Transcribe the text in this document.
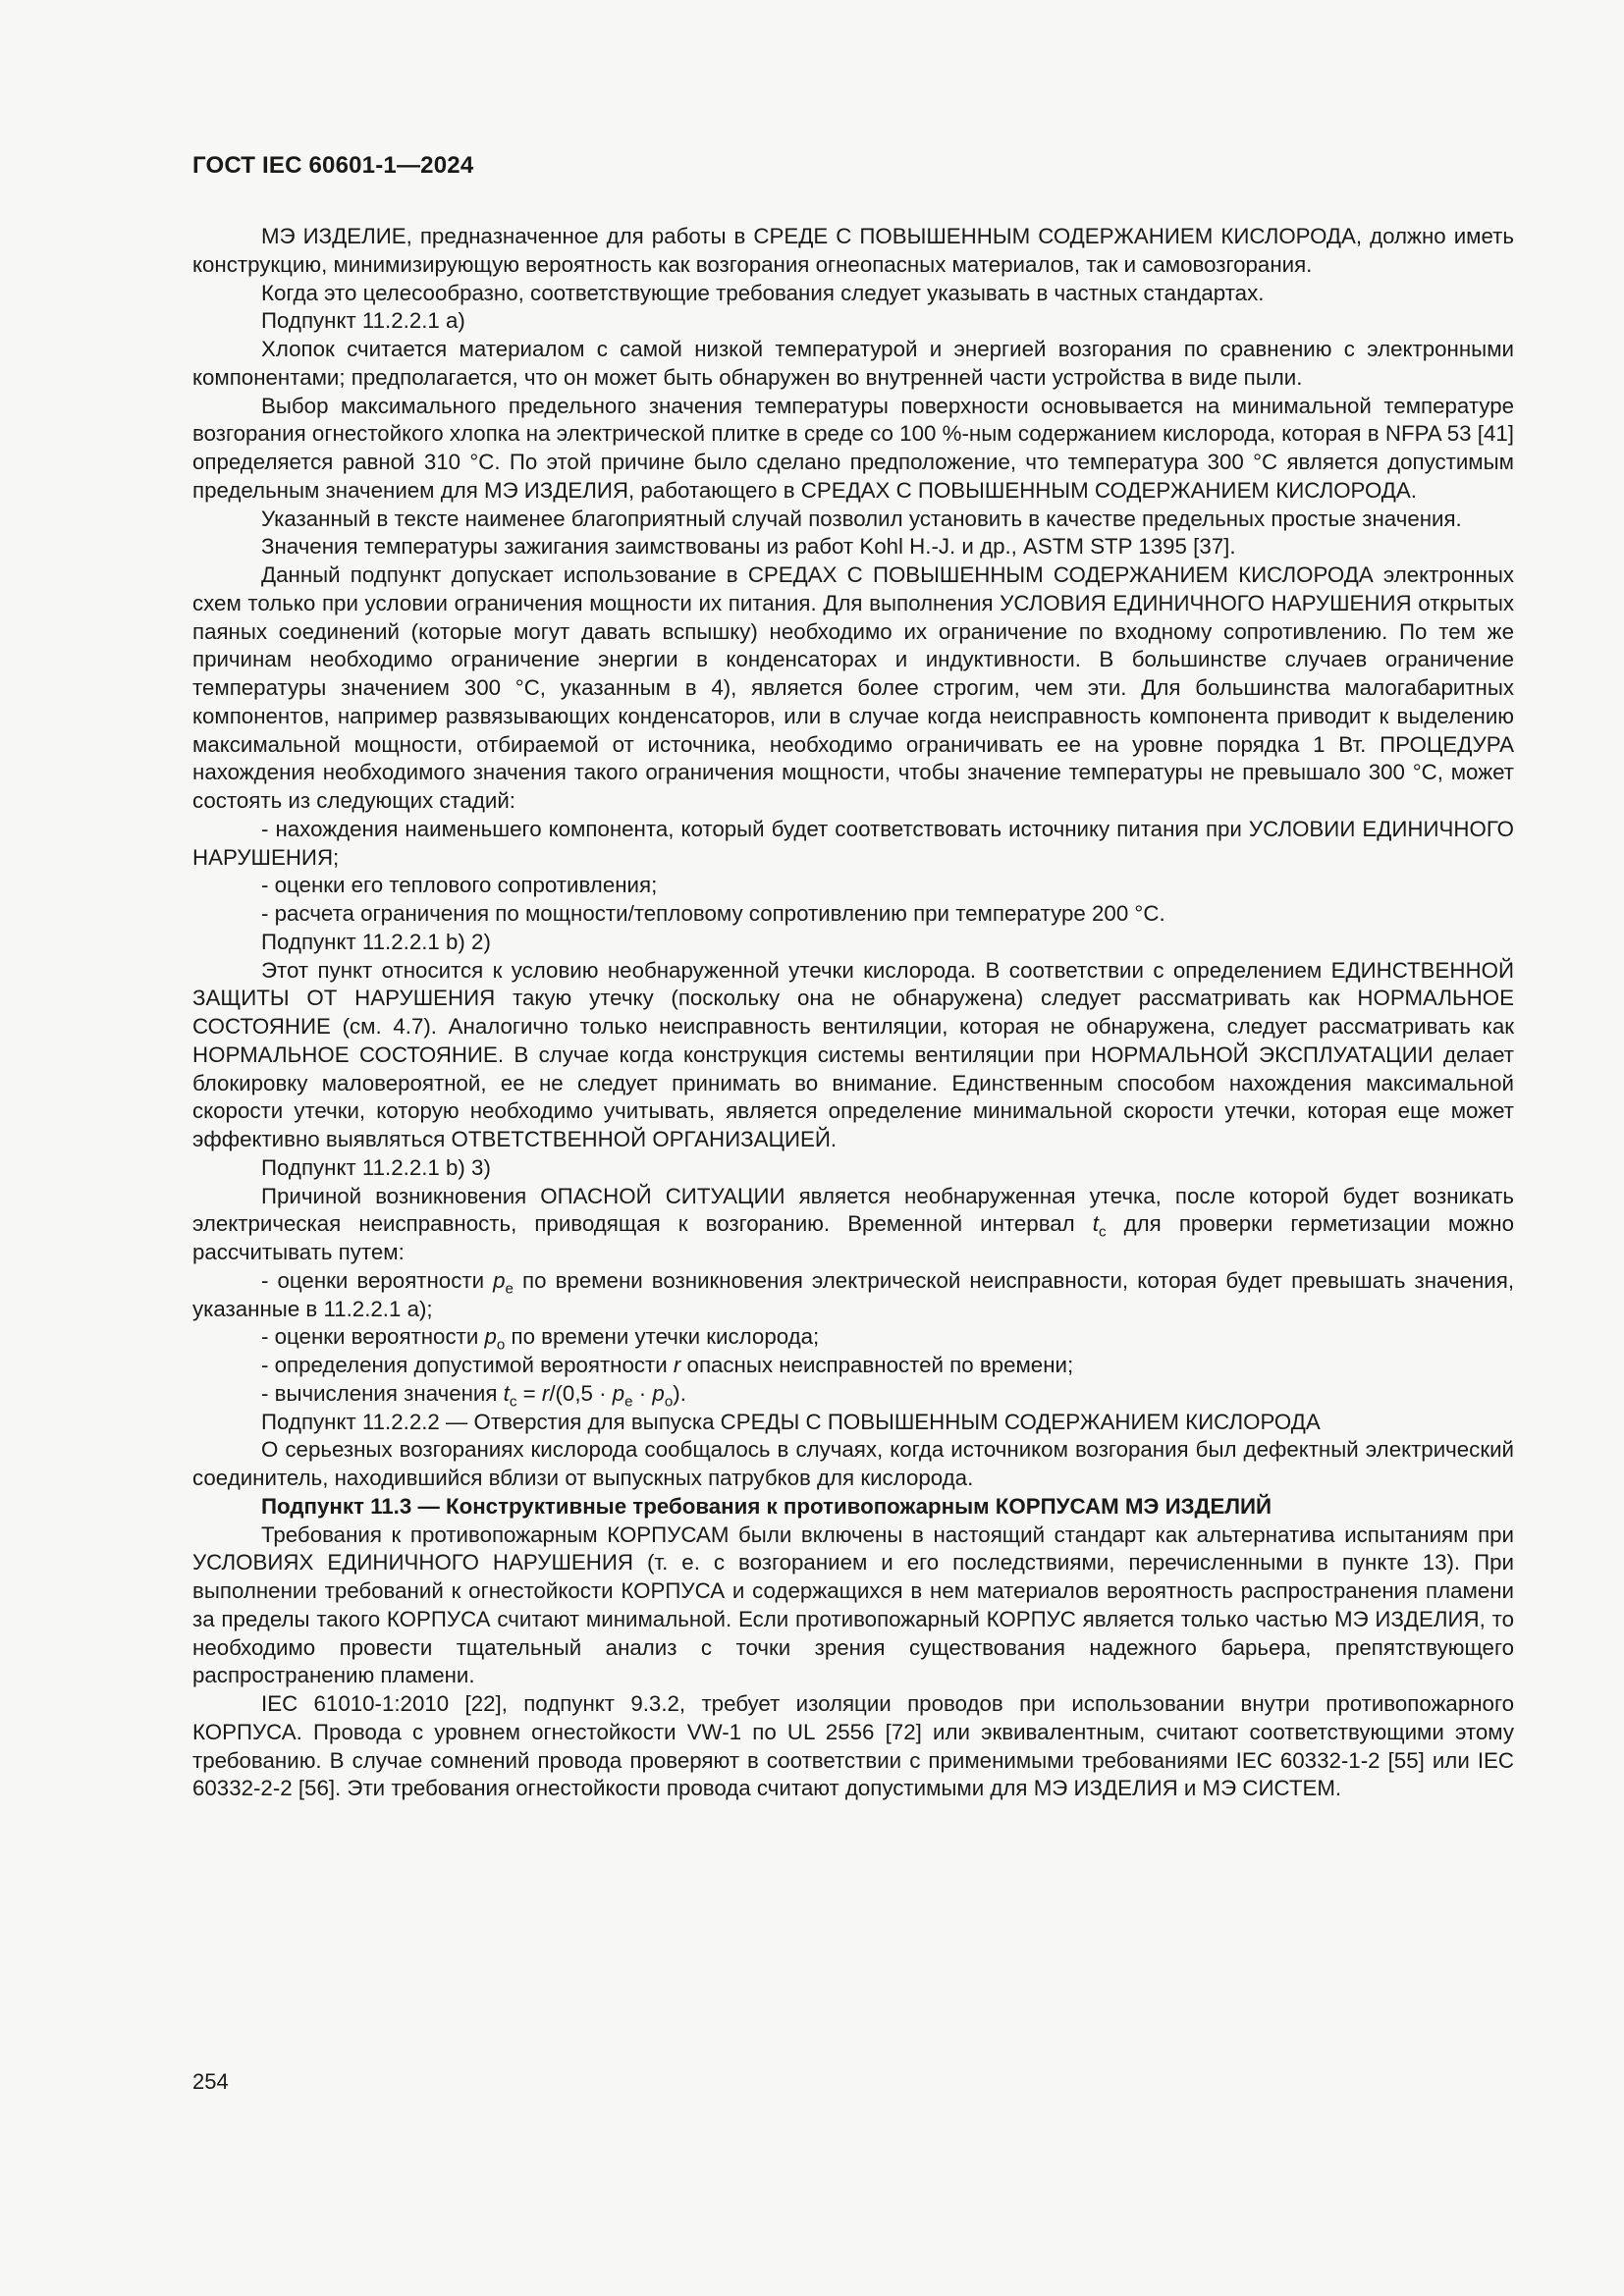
ГОСТ IEC 60601-1—2024

МЭ ИЗДЕЛИЕ, предназначенное для работы в СРЕДЕ С ПОВЫШЕННЫМ СОДЕРЖАНИЕМ КИСЛОРОДА, должно иметь конструкцию, минимизирующую вероятность как возгорания огнеопасных материалов, так и самовозгорания.

Когда это целесообразно, соответствующие требования следует указывать в частных стандартах.

Подпункт 11.2.2.1 а)

Хлопок считается материалом с самой низкой температурой и энергией возгорания по сравнению с электронными компонентами; предполагается, что он может быть обнаружен во внутренней части устройства в виде пыли.

Выбор максимального предельного значения температуры поверхности основывается на минимальной температуре возгорания огнестойкого хлопка на электрической плитке в среде со 100 %-ным содержанием кислорода, которая в NFPA 53 [41] определяется равной 310 °С. По этой причине было сделано предположение, что температура 300 °С является допустимым предельным значением для МЭ ИЗДЕЛИЯ, работающего в СРЕДАХ С ПОВЫШЕННЫМ СОДЕРЖАНИЕМ КИСЛОРОДА.

Указанный в тексте наименее благоприятный случай позволил установить в качестве предельных простые значения.

Значения температуры зажигания заимствованы из работ Kohl H.-J. и др., ASTM STP 1395 [37].

Данный подпункт допускает использование в СРЕДАХ С ПОВЫШЕННЫМ СОДЕРЖАНИЕМ КИСЛОРОДА электронных схем только при условии ограничения мощности их питания. Для выполнения УСЛОВИЯ ЕДИНИЧНОГО НАРУШЕНИЯ открытых паяных соединений (которые могут давать вспышку) необходимо их ограничение по входному сопротивлению. По тем же причинам необходимо ограничение энергии в конденсаторах и индуктивности. В большинстве случаев ограничение температуры значением 300 °С, указанным в 4), является более строгим, чем эти. Для большинства малогабаритных компонентов, например развязывающих конденсаторов, или в случае когда неисправность компонента приводит к выделению максимальной мощности, отбираемой от источника, необходимо ограничивать ее на уровне порядка 1 Вт. ПРОЦЕДУРА нахождения необходимого значения такого ограничения мощности, чтобы значение температуры не превышало 300 °С, может состоять из следующих стадий:

- нахождения наименьшего компонента, который будет соответствовать источнику питания при УСЛОВИИ ЕДИНИЧНОГО НАРУШЕНИЯ;

- оценки его теплового сопротивления;

- расчета ограничения по мощности/тепловому сопротивлению при температуре 200 °С.

Подпункт 11.2.2.1 b) 2)

Этот пункт относится к условию необнаруженной утечки кислорода. В соответствии с определением ЕДИНСТВЕННОЙ ЗАЩИТЫ ОТ НАРУШЕНИЯ такую утечку (поскольку она не обнаружена) следует рассматривать как НОРМАЛЬНОЕ СОСТОЯНИЕ (см. 4.7). Аналогично только неисправность вентиляции, которая не обнаружена, следует рассматривать как НОРМАЛЬНОЕ СОСТОЯНИЕ. В случае когда конструкция системы вентиляции при НОРМАЛЬНОЙ ЭКСПЛУАТАЦИИ делает блокировку маловероятной, ее не следует принимать во внимание. Единственным способом нахождения максимальной скорости утечки, которую необходимо учитывать, является определение минимальной скорости утечки, которая еще может эффективно выявляться ОТВЕТСТВЕННОЙ ОРГАНИЗАЦИЕЙ.

Подпункт 11.2.2.1 b) 3)

Причиной возникновения ОПАСНОЙ СИТУАЦИИ является необнаруженная утечка, после которой будет возникать электрическая неисправность, приводящая к возгоранию. Временной интервал $t_с$ для проверки герметизации можно рассчитывать путем:

- оценки вероятности $p_е$ по времени возникновения электрической неисправности, которая будет превышать значения, указанные в 11.2.2.1 а);

- оценки вероятности $p_о$ по времени утечки кислорода;

- определения допустимой вероятности r опасных неисправностей по времени;

- вычисления значения $t_с = r/(0,5 \cdot p_е \cdot p_о)$.

Подпункт 11.2.2.2 — Отверстия для выпуска СРЕДЫ С ПОВЫШЕННЫМ СОДЕРЖАНИЕМ КИСЛОРОДА

О серьезных возгораниях кислорода сообщалось в случаях, когда источником возгорания был дефектный электрический соединитель, находившийся вблизи от выпускных патрубков для кислорода.

Подпункт 11.3 — Конструктивные требования к противопожарным КОРПУСАМ МЭ ИЗДЕЛИЙ

Требования к противопожарным КОРПУСАМ были включены в настоящий стандарт как альтернатива испытаниям при УСЛОВИЯХ ЕДИНИЧНОГО НАРУШЕНИЯ (т. е. с возгоранием и его последствиями, перечисленными в пункте 13). При выполнении требований к огнестойкости КОРПУСА и содержащихся в нем материалов вероятность распространения пламени за пределы такого КОРПУСА считают минимальной. Если противопожарный КОРПУС является только частью МЭ ИЗДЕЛИЯ, то необходимо провести тщательный анализ с точки зрения существования надежного барьера, препятствующего распространению пламени.

IEC 61010-1:2010 [22], подпункт 9.3.2, требует изоляции проводов при использовании внутри противопожарного КОРПУСА. Провода с уровнем огнестойкости VW-1 по UL 2556 [72] или эквивалентным, считают соответствующими этому требованию. В случае сомнений провода проверяют в соответствии с применимыми требованиями IEC 60332-1-2 [55] или IEC 60332-2-2 [56]. Эти требования огнестойкости провода считают допустимыми для МЭ ИЗДЕЛИЯ и МЭ СИСТЕМ.

254
